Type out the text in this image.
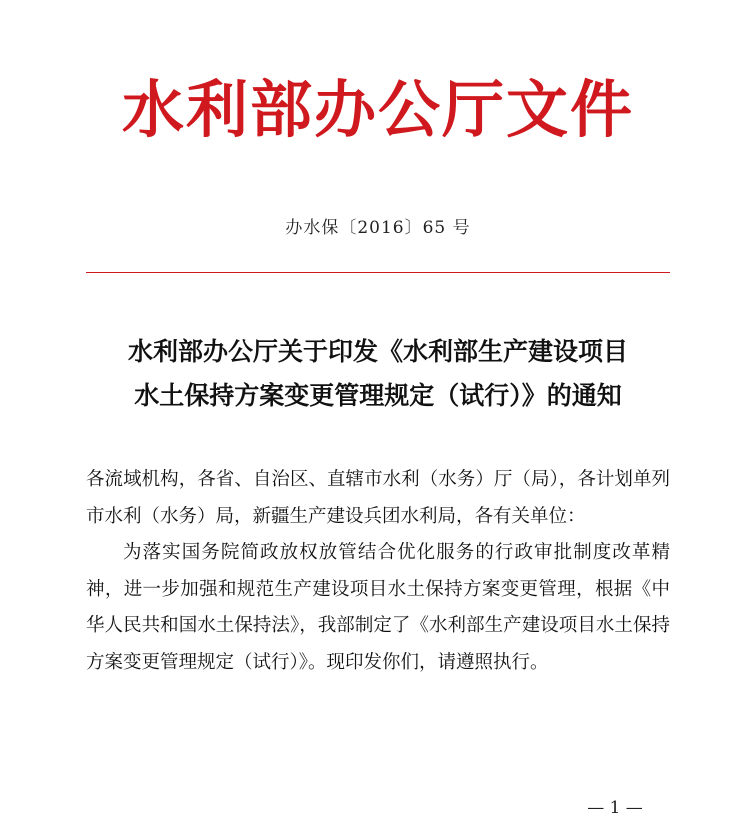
水利部办公厅文件
办水保〔2016〕65 号
水利部办公厅关于印发《水利部生产建设项目
水土保持方案变更管理规定（试行）》的通知

各流域机构，各省、自治区、直辖市水利（水务）厅（局），各计划单列市水利（水务）局，新疆生产建设兵团水利局，各有关单位：

为落实国务院简政放权放管结合优化服务的行政审批制度改革精神，进一步加强和规范生产建设项目水土保持方案变更管理，根据《中华人民共和国水土保持法》，我部制定了《水利部生产建设项目水土保持方案变更管理规定（试行）》。现印发你们，请遵照执行。

— 1 —
